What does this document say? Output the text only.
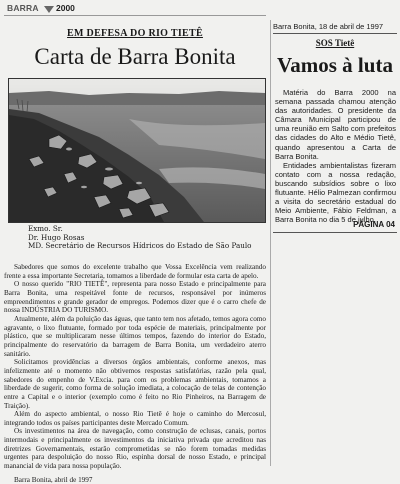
BARRA 2000
EM DEFESA DO RIO TIETÊ
Carta de Barra Bonita
Exmo. Sr.
Dr. Hugo Rosas
MD. Secretário de Recursos Hídricos do Estado de São Paulo

Sabedores que somos do excelente trabalho que Vossa Excelência vem realizando frente a essa importante Secretaria, tomamos a liberdade de formular esta carta de apelo.

O nosso querido "RIO TIETÊ", representa para nosso Estado e principalmente para Barra Bonita, uma respeitável fonte de recursos, responsável por inúmeros empreendimentos e grande gerador de empregos. Podemos dizer que é o carro chefe de nossa INDÚSTRIA DO TURISMO.

Atualmente, além da poluição das águas, que tanto tem nos afetado, temos agora como agravante, o lixo flutuante, formado por toda espécie de materiais, principalmente por plástico, que se multiplicaram nesse últimos tempos, fazendo do interior do Estado, principalmente do reservatório da barragem de Barra Bonita, um verdadeiro aterro sanitário.

Solicitamos providências a diversos órgãos ambientais, conforme anexos, mas infelizmente até o momento não obtivemos respostas satisfatórias, razão pela qual, sabedores do empenho de V.Excia. para com os problemas ambientais, tomamos a liberdade de sugerir, como forma de solução imediata, a colocação de telas de contenção entre a Capital e o interior (exemplo como é feito no Rio Pinheiros, na Barragem de Traição).

Além do aspecto ambiental, o nosso Rio Tietê é hoje o caminho do Mercosul, integrando todos os países participantes deste Mercado Comum.

Os investimentos na área de navegação, como construção de eclusas, canais, portos intermodais e principalmente os investimentos da iniciativa privada que acreditou nas diretrizes Governamentais, estarão comprometidas se não forem tomadas medidas urgentes para despoluição do nosso Rio, espinha dorsal de nosso Estado, e principal manancial de vida para nossa população.

Barra Bonita, abril de 1997
Barra Bonita, 18 de abril de 1997
SOS Tietê
Vamos à luta

Matéria do Barra 2000 na semana passada chamou atenção das autoridades. O presidente da Câmara Municipal participou de uma reunião em Salto com prefeitos das cidades do Alto e Médio Tietê, quando apresentou a Carta de Barra Bonita.

Entidades ambientalistas fizeram contato com a nossa redação, buscando subsídios sobre o lixo flutuante. Hélio Palmezan confirmou a visita do secretário estadual do Meio Ambiente, Fábio Feldman, a Barra Bonita no dia 5 de julho.

PÁGINA 04
